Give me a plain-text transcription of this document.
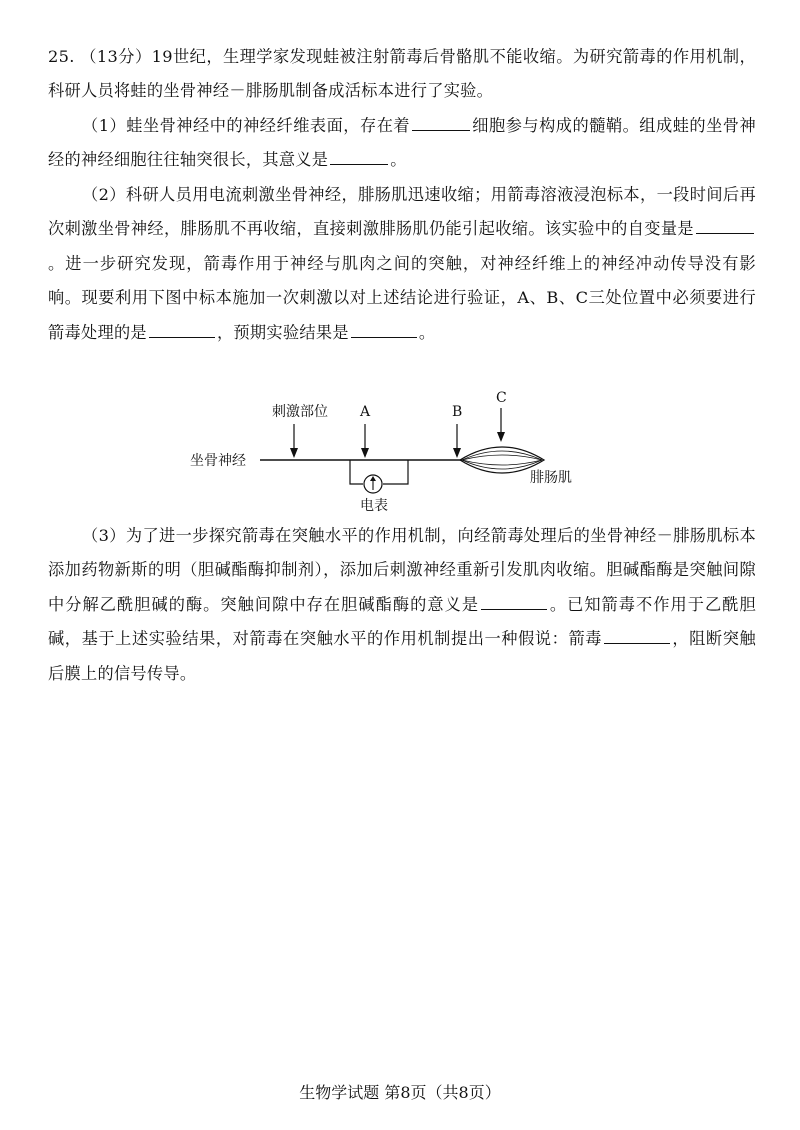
25. （13分）19世纪，生理学家发现蛙被注射箭毒后骨骼肌不能收缩。为研究箭毒的作用机制，科研人员将蛙的坐骨神经－腓肠肌制备成活标本进行了实验。

（1）蛙坐骨神经中的神经纤维表面，存在着	细胞参与构成的髓鞘。组成蛙的坐骨神经的神经细胞往往轴突很长，其意义是	。

（2）科研人员用电流刺激坐骨神经，腓肠肌迅速收缩；用箭毒溶液浸泡标本，一段时间后再次刺激坐骨神经，腓肠肌不再收缩，直接刺激腓肠肌仍能引起收缩。该实验中的自变量是。进一步研究发现，箭毒作用于神经与肌肉之间的突触，对神经纤维上的神经冲动传导没有影响。现要利用下图中标本施加一次刺激以对上述结论进行验证，A、B、C三处位置中必须要进行箭毒处理的是	，预期实验结果是	。

刺激部位 A	B
C
坐骨神经
腓肠肌
电表

（3）为了进一步探究箭毒在突触水平的作用机制，向经箭毒处理后的坐骨神经－腓肠肌标本添加药物新斯的明（胆碱酯酶抑制剂），添加后刺激神经重新引发肌肉收缩。胆碱酯酶是突触间隙中分解乙酰胆碱的酶。突触间隙中存在胆碱酯酶的意义是	。已知箭毒不作用于乙酰胆碱，基于上述实验结果，对箭毒在突触水平的作用机制提出一种假说：箭毒	，阻断突触后膜上的信号传导。

生物学试题 第8页（共8页）
